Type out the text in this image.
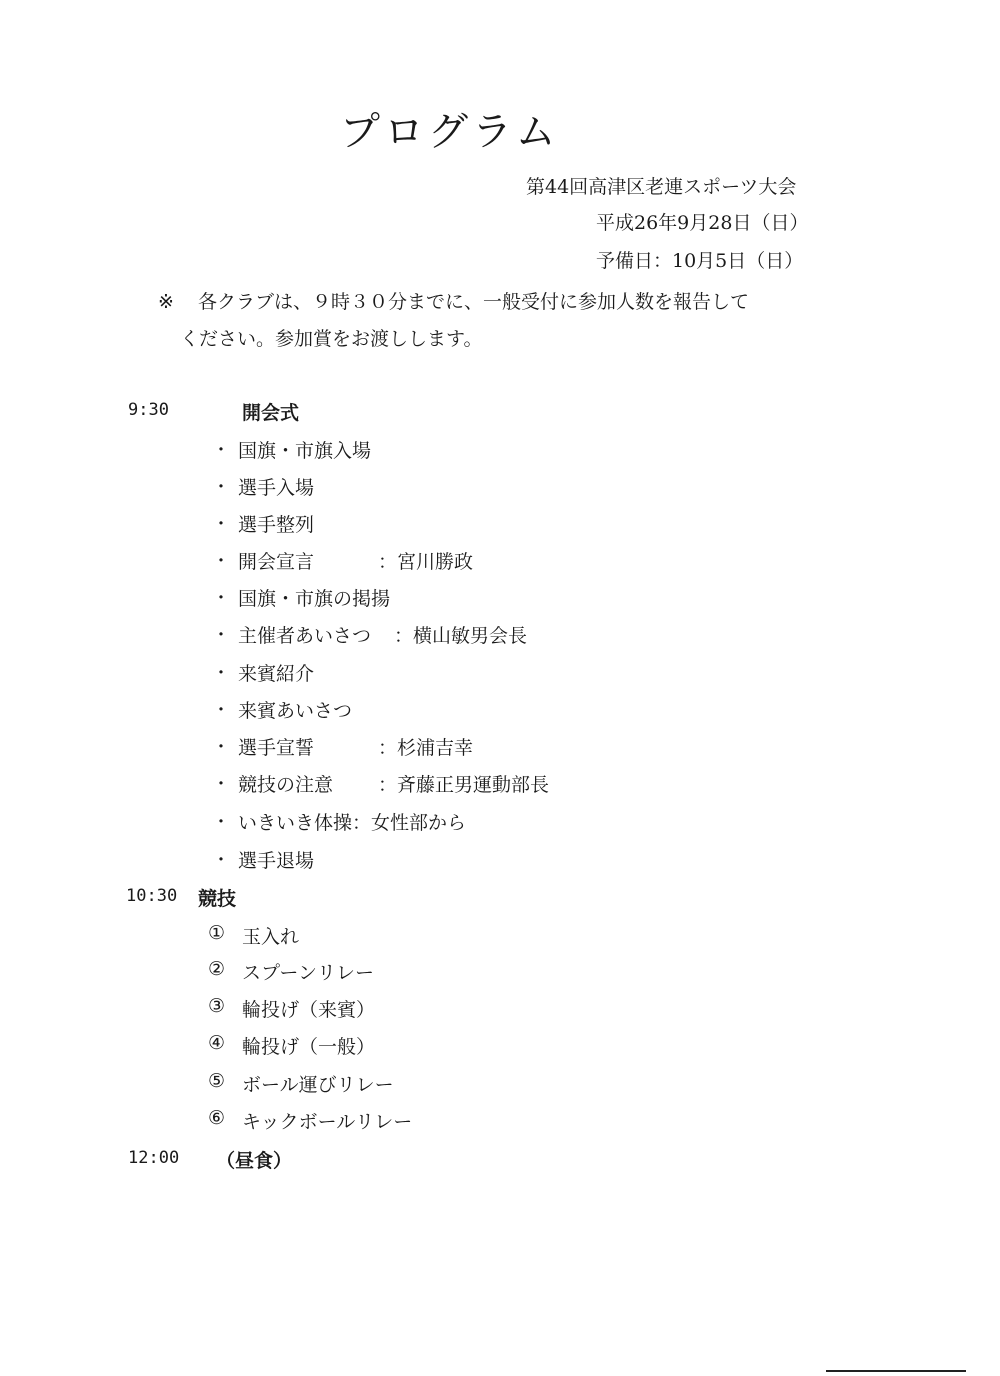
プログラム
第44回高津区老連スポーツ大会
平成26年9月28日（日）
予備日：10月5日（日）
※ 各クラブは、９時３０分までに、一般受付に参加人数を報告して
ください。参加賞をお渡しします。
9:30	開会式
・ 国旗・市旗入場
・ 選手入場
・ 選手整列
・ 開会宣言	：宮川勝政
・ 国旗・市旗の掲揚
・ 主催者あいさつ ：横山敏男会長
・ 来賓紹介
・ 来賓あいさつ
・ 選手宣誓	：杉浦吉幸
・ 競技の注意 ：斉藤正男運動部長
・ いきいき体操：女性部から
・ 選手退場
10:30 競技
① 玉入れ
② スプーンリレー
③ 輪投げ（来賓）
④ 輪投げ（一般）
⑤ ボール運びリレー
⑥ キックボールリレー
12:00 （昼食）
